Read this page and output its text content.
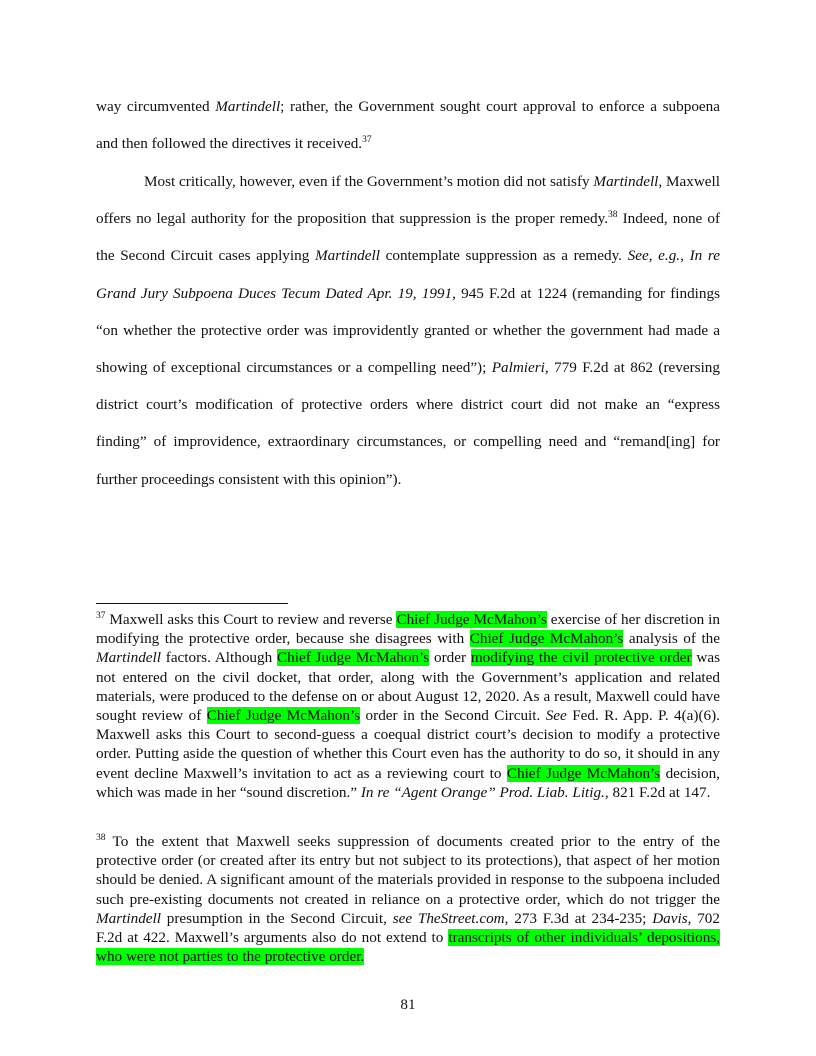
way circumvented Martindell; rather, the Government sought court approval to enforce a subpoena and then followed the directives it received.$^{37}$

Most critically, however, even if the Government’s motion did not satisfy Martindell, Maxwell offers no legal authority for the proposition that suppression is the proper remedy.$^{38}$ Indeed, none of the Second Circuit cases applying Martindell contemplate suppression as a remedy. See, e.g., In re Grand Jury Subpoena Duces Tecum Dated Apr. 19, 1991, 945 F.2d at 1224 (remanding for findings “on whether the protective order was improvidently granted or whether the government had made a showing of exceptional circumstances or a compelling need”); Palmieri, 779 F.2d at 862 (reversing district court’s modification of protective orders where district court did not make an “express finding” of improvidence, extraordinary circumstances, or compelling need and “remand[ing] for further proceedings consistent with this opinion”).

$^{37}$ Maxwell asks this Court to review and reverse Chief Judge McMahon’s exercise of her discretion in modifying the protective order, because she disagrees with Chief Judge McMahon’s analysis of the Martindell factors. Although Chief Judge McMahon’s order modifying the civil protective order was not entered on the civil docket, that order, along with the Government’s application and related materials, were produced to the defense on or about August 12, 2020. As a result, Maxwell could have sought review of Chief Judge McMahon’s order in the Second Circuit. See Fed. R. App. P. 4(a)(6). Maxwell asks this Court to second-guess a coequal district court’s decision to modify a protective order. Putting aside the question of whether this Court even has the authority to do so, it should in any event decline Maxwell’s invitation to act as a reviewing court to Chief Judge McMahon’s decision, which was made in her “sound discretion.” In re “Agent Orange” Prod. Liab. Litig., 821 F.2d at 147.

$^{38}$ To the extent that Maxwell seeks suppression of documents created prior to the entry of the protective order (or created after its entry but not subject to its protections), that aspect of her motion should be denied. A significant amount of the materials provided in response to the subpoena included such pre-existing documents not created in reliance on a protective order, which do not trigger the Martindell presumption in the Second Circuit, see TheStreet.com, 273 F.3d at 234-235; Davis, 702 F.2d at 422. Maxwell’s arguments also do not extend to transcripts of other individuals’ depositions, who were not parties to the protective order.

81
